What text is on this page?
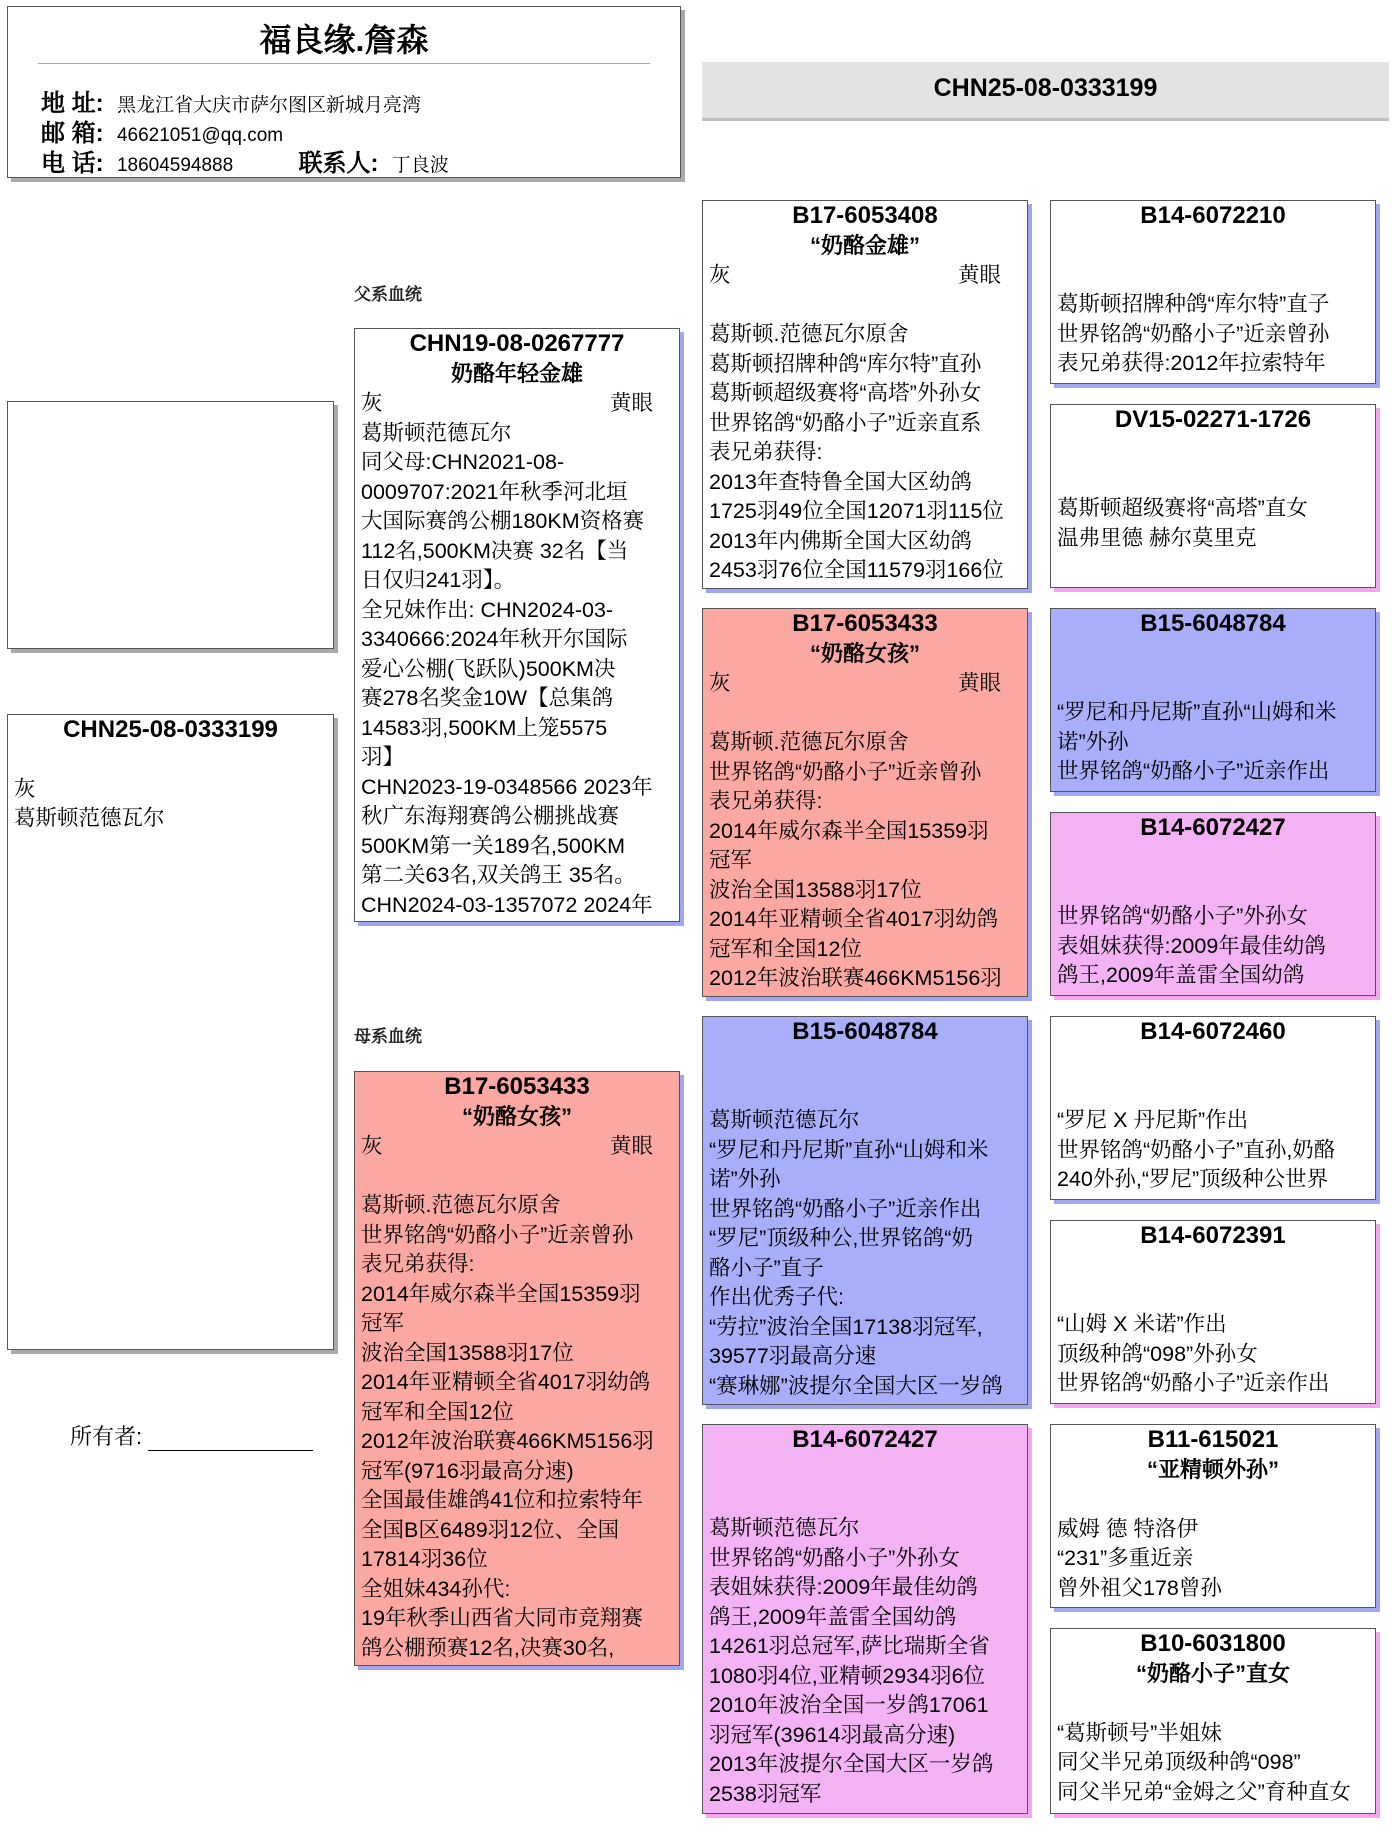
福良缘.詹森
地 址: 黑龙江省大庆市萨尔图区新城月亮湾
邮 箱: 46621051@qq.com
电 话: 18604594888	联系人: 丁良波
CHN25-08-0333199
父系血统
母系血统
CHN25-08-0333199
灰
葛斯顿范德瓦尔
所有者:
CHN19-08-0267777
奶酪年轻金雄
灰	黄眼
葛斯顿范德瓦尔
同父母:CHN2021-08-
0009707:2021年秋季河北垣
大国际赛鸽公棚180KM资格赛
112名,500KM决赛 32名【当
日仅归241羽】。
全兄妹作出: CHN2024-03-
3340666:2024年秋开尔国际
爱心公棚(飞跃队)500KM决
赛278名奖金10W【总集鸽
14583羽,500KM上笼5575
羽】
CHN2023-19-0348566 2023年
秋广东海翔赛鸽公棚挑战赛
500KM第一关189名,500KM
第二关63名,双关鸽王 35名。
CHN2024-03-1357072 2024年
B17-6053433
“奶酪女孩”
灰	黄眼
葛斯顿.范德瓦尔原舍
世界铭鸽“奶酪小子”近亲曾孙
表兄弟获得:
2014年威尔森半全国15359羽
冠军
波治全国13588羽17位
2014年亚精顿全省4017羽幼鸽
冠军和全国12位
2012年波治联赛466KM5156羽
冠军(9716羽最高分速)
全国最佳雄鸽41位和拉索特年
全国B区6489羽12位、全国
17814羽36位
全姐妹434孙代:
19年秋季山西省大同市竞翔赛
鸽公棚预赛12名,决赛30名,
B17-6053408
“奶酪金雄”
灰	黄眼
葛斯顿.范德瓦尔原舍
葛斯顿招牌种鸽“库尔特”直孙
葛斯顿超级赛将“高塔”外孙女
世界铭鸽“奶酪小子”近亲直系
表兄弟获得:
2013年查特鲁全国大区幼鸽
1725羽49位全国12071羽115位
2013年内佛斯全国大区幼鸽
2453羽76位全国11579羽166位
B17-6053433
“奶酪女孩”
灰	黄眼
葛斯顿.范德瓦尔原舍
世界铭鸽“奶酪小子”近亲曾孙
表兄弟获得:
2014年威尔森半全国15359羽
冠军
波治全国13588羽17位
2014年亚精顿全省4017羽幼鸽
冠军和全国12位
2012年波治联赛466KM5156羽
B15-6048784
葛斯顿范德瓦尔
“罗尼和丹尼斯”直孙“山姆和米
诺”外孙
世界铭鸽“奶酪小子”近亲作出
“罗尼”顶级种公,世界铭鸽“奶
酪小子”直子
作出优秀子代:
“劳拉”波治全国17138羽冠军,
39577羽最高分速
“赛琳娜”波提尔全国大区一岁鸽
B14-6072427
葛斯顿范德瓦尔
世界铭鸽“奶酪小子”外孙女
表姐妹获得:2009年最佳幼鸽
鸽王,2009年盖雷全国幼鸽
14261羽总冠军,萨比瑞斯全省
1080羽4位,亚精顿2934羽6位
2010年波治全国一岁鸽17061
羽冠军(39614羽最高分速)
2013年波提尔全国大区一岁鸽
2538羽冠军
B14-6072210
葛斯顿招牌种鸽“库尔特”直子
世界铭鸽“奶酪小子”近亲曾孙
表兄弟获得:2012年拉索特年
DV15-02271-1726
葛斯顿超级赛将“高塔”直女
温弗里德 赫尔莫里克
B15-6048784
“罗尼和丹尼斯”直孙“山姆和米
诺”外孙
世界铭鸽“奶酪小子”近亲作出
B14-6072427
世界铭鸽“奶酪小子”外孙女
表姐妹获得:2009年最佳幼鸽
鸽王,2009年盖雷全国幼鸽
B14-6072460
“罗尼 X 丹尼斯”作出
世界铭鸽“奶酪小子”直孙,奶酪
240外孙,“罗尼”顶级种公世界
B14-6072391
“山姆 X 米诺”作出
顶级种鸽“098”外孙女
世界铭鸽“奶酪小子”近亲作出
B11-615021
“亚精顿外孙”
威姆 德 特洛伊
“231”多重近亲
曾外祖父178曾孙
B10-6031800
“奶酪小子”直女
“葛斯顿号”半姐妹
同父半兄弟顶级种鸽“098”
同父半兄弟“金姆之父”育种直女
